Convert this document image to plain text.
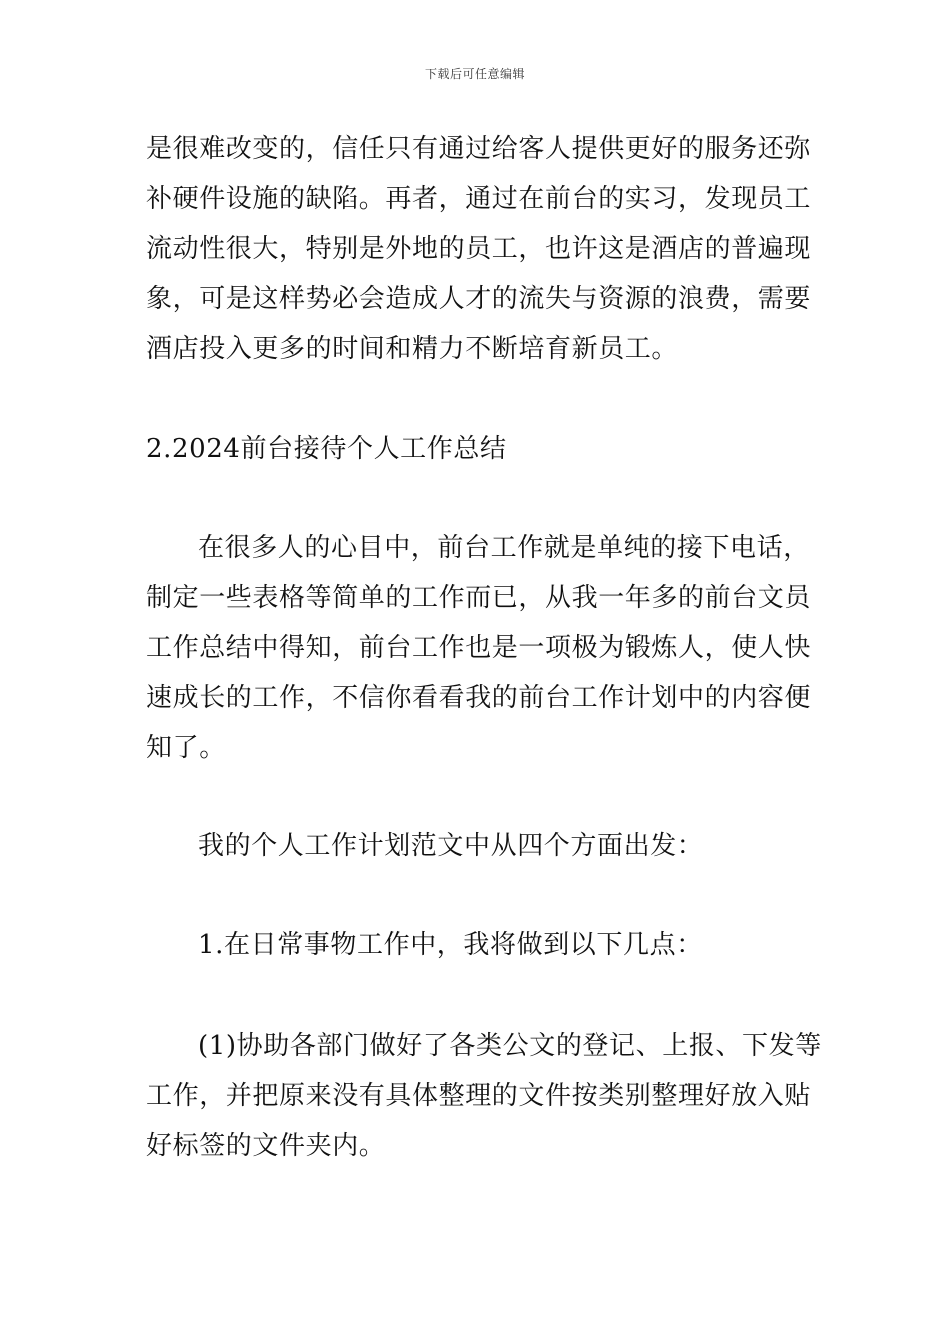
下载后可任意编辑
是很难改变的，信任只有通过给客人提供更好的服务还弥
补硬件设施的缺陷。再者，通过在前台的实习，发现员工
流动性很大，特别是外地的员工，也许这是酒店的普遍现
象，可是这样势必会造成人才的流失与资源的浪费，需要
酒店投入更多的时间和精力不断培育新员工。
2.2024前台接待个人工作总结
在很多人的心目中，前台工作就是单纯的接下电话，
制定一些表格等简单的工作而已，从我一年多的前台文员
工作总结中得知，前台工作也是一项极为锻炼人，使人快
速成长的工作，不信你看看我的前台工作计划中的内容便
知了。
我的个人工作计划范文中从四个方面出发：
1.在日常事物工作中，我将做到以下几点：
(1)协助各部门做好了各类公文的登记、上报、下发等
工作，并把原来没有具体整理的文件按类别整理好放入贴
好标签的文件夹内。
